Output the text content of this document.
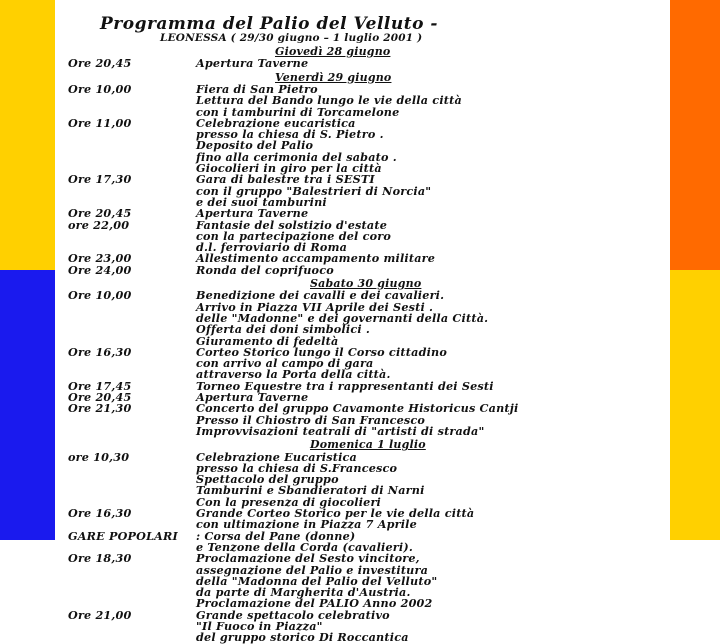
Programma del Palio del Velluto -
LEONESSA ( 29/30 giugno – 1 luglio 2001 )
Giovedì 28 giugno
Ore 20,45	Apertura Taverne
Venerdì 29 giugno
Ore 10,00	Fiera di San Pietro
Lettura del Bando lungo le vie della città
con i tamburini di Torcamelone
Ore 11,00	Celebrazione eucaristica
presso la chiesa di S. Pietro .
Deposito del Palio
fino alla cerimonia del sabato .
Giocolieri in giro per la città
Ore 17,30	Gara di balestre tra i SESTI
con il gruppo "Balestrieri di Norcia"
e dei suoi tamburini
Ore 20,45	Apertura Taverne
ore 22,00	Fantasie del solstizio d'estate
con la partecipazione del coro
d.l. ferroviario di Roma
Ore 23,00	Allestimento accampamento militare
Ore 24,00	Ronda del coprifuoco
Sabato 30 giugno
Ore 10,00	Benedizione dei cavalli e dei cavalieri.
Arrivo in Piazza VII Aprile dei Sesti .
delle "Madonne" e dei governanti della Città.
Offerta dei doni simbolici .
Giuramento di fedeltà
Ore 16,30	Corteo Storico lungo il Corso cittadino
con arrivo al campo di gara
attraverso la Porta della città.
Ore 17,45	Torneo Equestre tra i rappresentanti dei Sesti
Ore 20,45	Apertura Taverne
Ore 21,30	Concerto del gruppo Cavamonte Historicus Cantji
Presso il Chiostro di San Francesco
Improvvisazioni teatrali di "artisti di strada"
Domenica 1 luglio
ore 10,30	Celebrazione Eucaristica
presso la chiesa di S.Francesco
Spettacolo del gruppo
Tamburini e Sbandieratori di Narni
Con la presenza di giocolieri
Ore 16,30	Grande Corteo Storico per le vie della città
con ultimazione in Piazza 7 Aprile
GARE POPOLARI : Corsa del Pane (donne)
e Tenzone della Corda (cavalieri).
Ore 18,30	Proclamazione del Sesto vincitore,
assegnazione del Palio e investitura
della "Madonna del Palio del Velluto"
da parte di Margherita d'Austria.
Proclamazione del PALIO Anno 2002
Ore 21,00	Grande spettacolo celebrativo
"Il Fuoco in Piazza"
del gruppo storico Di Roccantica
